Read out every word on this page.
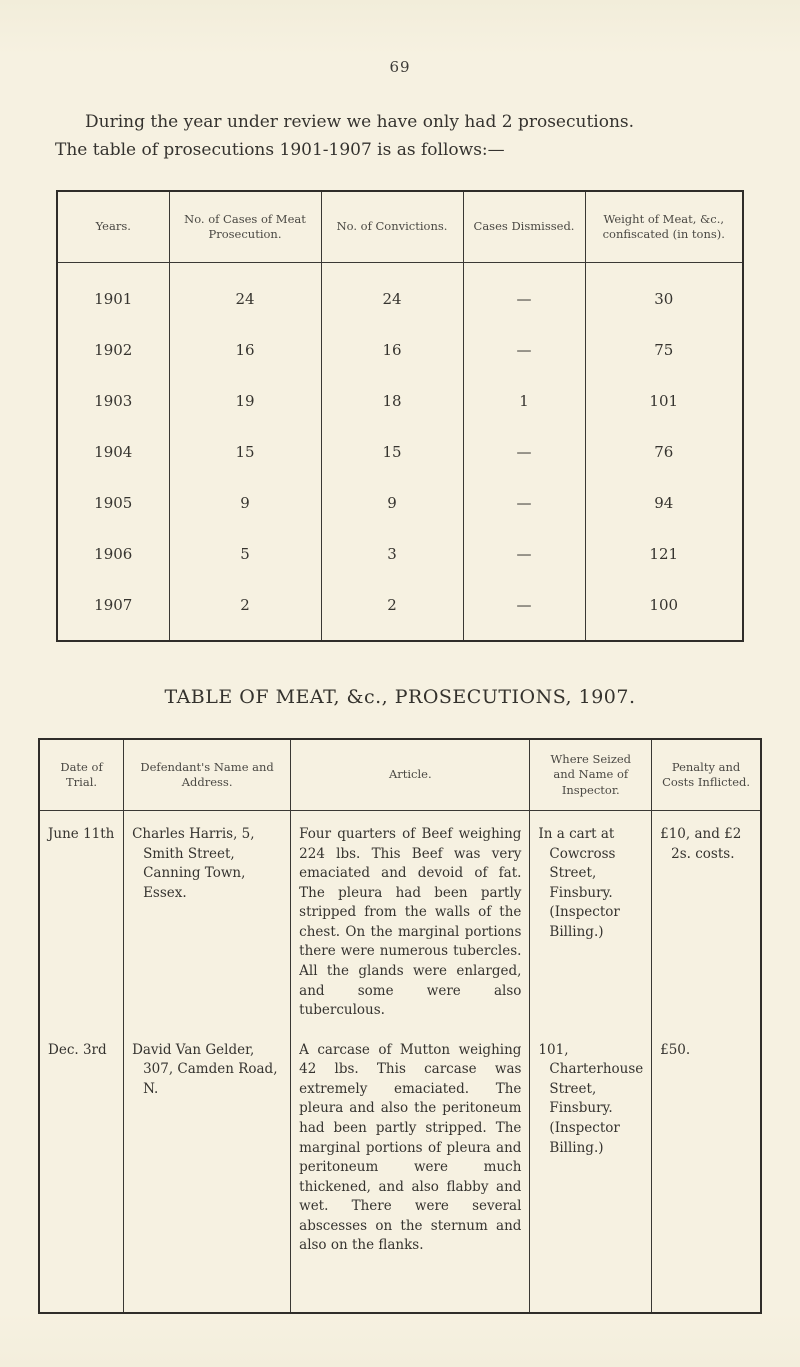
69

During the year under review we have only had 2 prosecutions.
The table of prosecutions 1901-1907 is as follows:—

Years.	No. of Cases of Meat Prosecution.	No. of Convictions.	Cases Dismissed.	Weight of Meat, &c., confiscated (in tons).
1901	24	24	—	30
1902	16	16	—	75
1903	19	18	1	101
1904	15	15	—	76
1905	9	9	—	94
1906	5	3	—	121
1907	2	2	—	100
TABLE OF MEAT, &c., PROSECUTIONS, 1907.
Date of Trial.	Defendant's Name and Address.	Article.	Where Seized and Name of Inspector.	Penalty and Costs Inflicted.

June 11th	Charles Harris, 5, Smith Street, Canning Town, Essex.	Four quarters of Beef weighing 224 lbs. This Beef was very emaciated and devoid of fat. The pleura had been partly stripped from the walls of the chest. On the marginal portions there were numerous tubercles. All the glands were enlarged, and some were also tuberculous.	In a cart at Cowcross Street, Finsbury. (Inspector Billing.)	£10, and £2 2s. costs.

Dec. 3rd	David Van Gelder, 307, Camden Road, N.	A carcase of Mutton weighing 42 lbs. This carcase was extremely emaciated. The pleura and also the peritoneum had been partly stripped. The marginal portions of pleura and peritoneum were much thickened, and also flabby and wet. There were several abscesses on the sternum and also on the flanks.	101, Charterhouse Street, Finsbury. (Inspector Billing.)	£50.
